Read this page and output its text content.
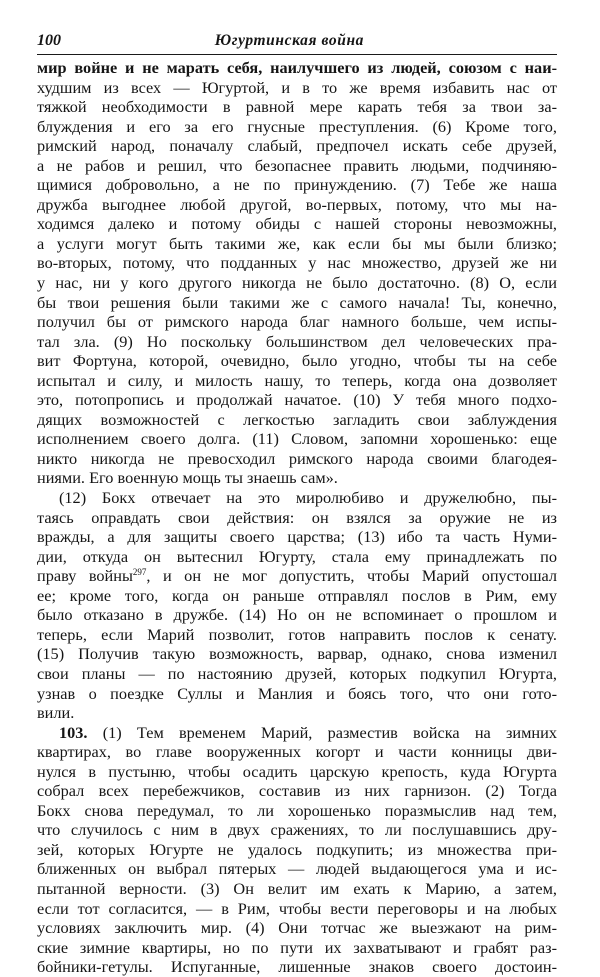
100	Югуртинская война
мир войне и не марать себя, наилучшего из людей, союзом с наи-
худшим из всех — Югуртой, и в то же время избавить нас от
тяжкой необходимости в равной мере карать тебя за твои за-
блуждения и его за его гнусные преступления. (6) Кроме того,
римский народ, поначалу слабый, предпочел искать себе друзей,
а не рабов и решил, что безопаснее править людьми, подчиняю-
щимися добровольно, а не по принуждению. (7) Тебе же наша
дружба выгоднее любой другой, во-первых, потому, что мы на-
ходимся далеко и потому обиды с нашей стороны невозможны,
а услуги могут быть такими же, как если бы мы были близко;
во-вторых, потому, что подданных у нас множество, друзей же ни
у нас, ни у кого другого никогда не было достаточно. (8) О, если
бы твои решения были такими же с самого начала! Ты, конечно,
получил бы от римского народа благ намного больше, чем испы-
тал зла. (9) Но поскольку большинством дел человеческих пра-
вит Фортуна, которой, очевидно, было угодно, чтобы ты на себе
испытал и силу, и милость нашу, то теперь, когда она дозволяет
это, потопропись и продолжай начатое. (10) У тебя много подхо-
дящих возможностей с легкостью загладить свои заблуждения
исполнением своего долга. (11) Словом, запомни хорошенько: еще
никто никогда не превосходил римского народа своими благодея-
ниями. Его военную мощь ты знаешь сам».
(12) Бокх отвечает на это миролюбиво и дружелюбно, пы-
таясь оправдать свои действия: он взялся за оружие не из
вражды, а для защиты своего царства; (13) ибо та часть Нуми-
дии, откуда он вытеснил Югурту, стала ему принадлежать по
праву войны$^{297}$, и он не мог допустить, чтобы Марий опустошал
ее; кроме того, когда он раньше отправлял послов в Рим, ему
было отказано в дружбе. (14) Но он не вспоминает о прошлом и
теперь, если Марий позволит, готов направить послов к сенату.
(15) Получив такую возможность, варвар, однако, снова изменил
свои планы — по настоянию друзей, которых подкупил Югурта,
узнав о поездке Суллы и Манлия и боясь того, что они гото-
вили.
103. (1) Тем временем Марий, разместив войска на зимних
квартирах, во главе вооруженных когорт и части конницы дви-
нулся в пустыню, чтобы осадить царскую крепость, куда Югурта
собрал всех перебежчиков, составив из них гарнизон. (2) Тогда
Бокх снова передумал, то ли хорошенько поразмыслив над тем,
что случилось с ним в двух сражениях, то ли послушавшись дру-
зей, которых Югурте не удалось подкупить; из множества при-
ближенных он выбрал пятерых — людей выдающегося ума и ис-
пытанной верности. (3) Он велит им ехать к Марию, а затем,
если тот согласится, — в Рим, чтобы вести переговоры и на любых
условиях заключить мир. (4) Они тотчас же выезжают на рим-
ские зимние квартиры, но по пути их захватывают и грабят раз-
бойники-гетулы. Испуганные, лишенные знаков своего достоин-
